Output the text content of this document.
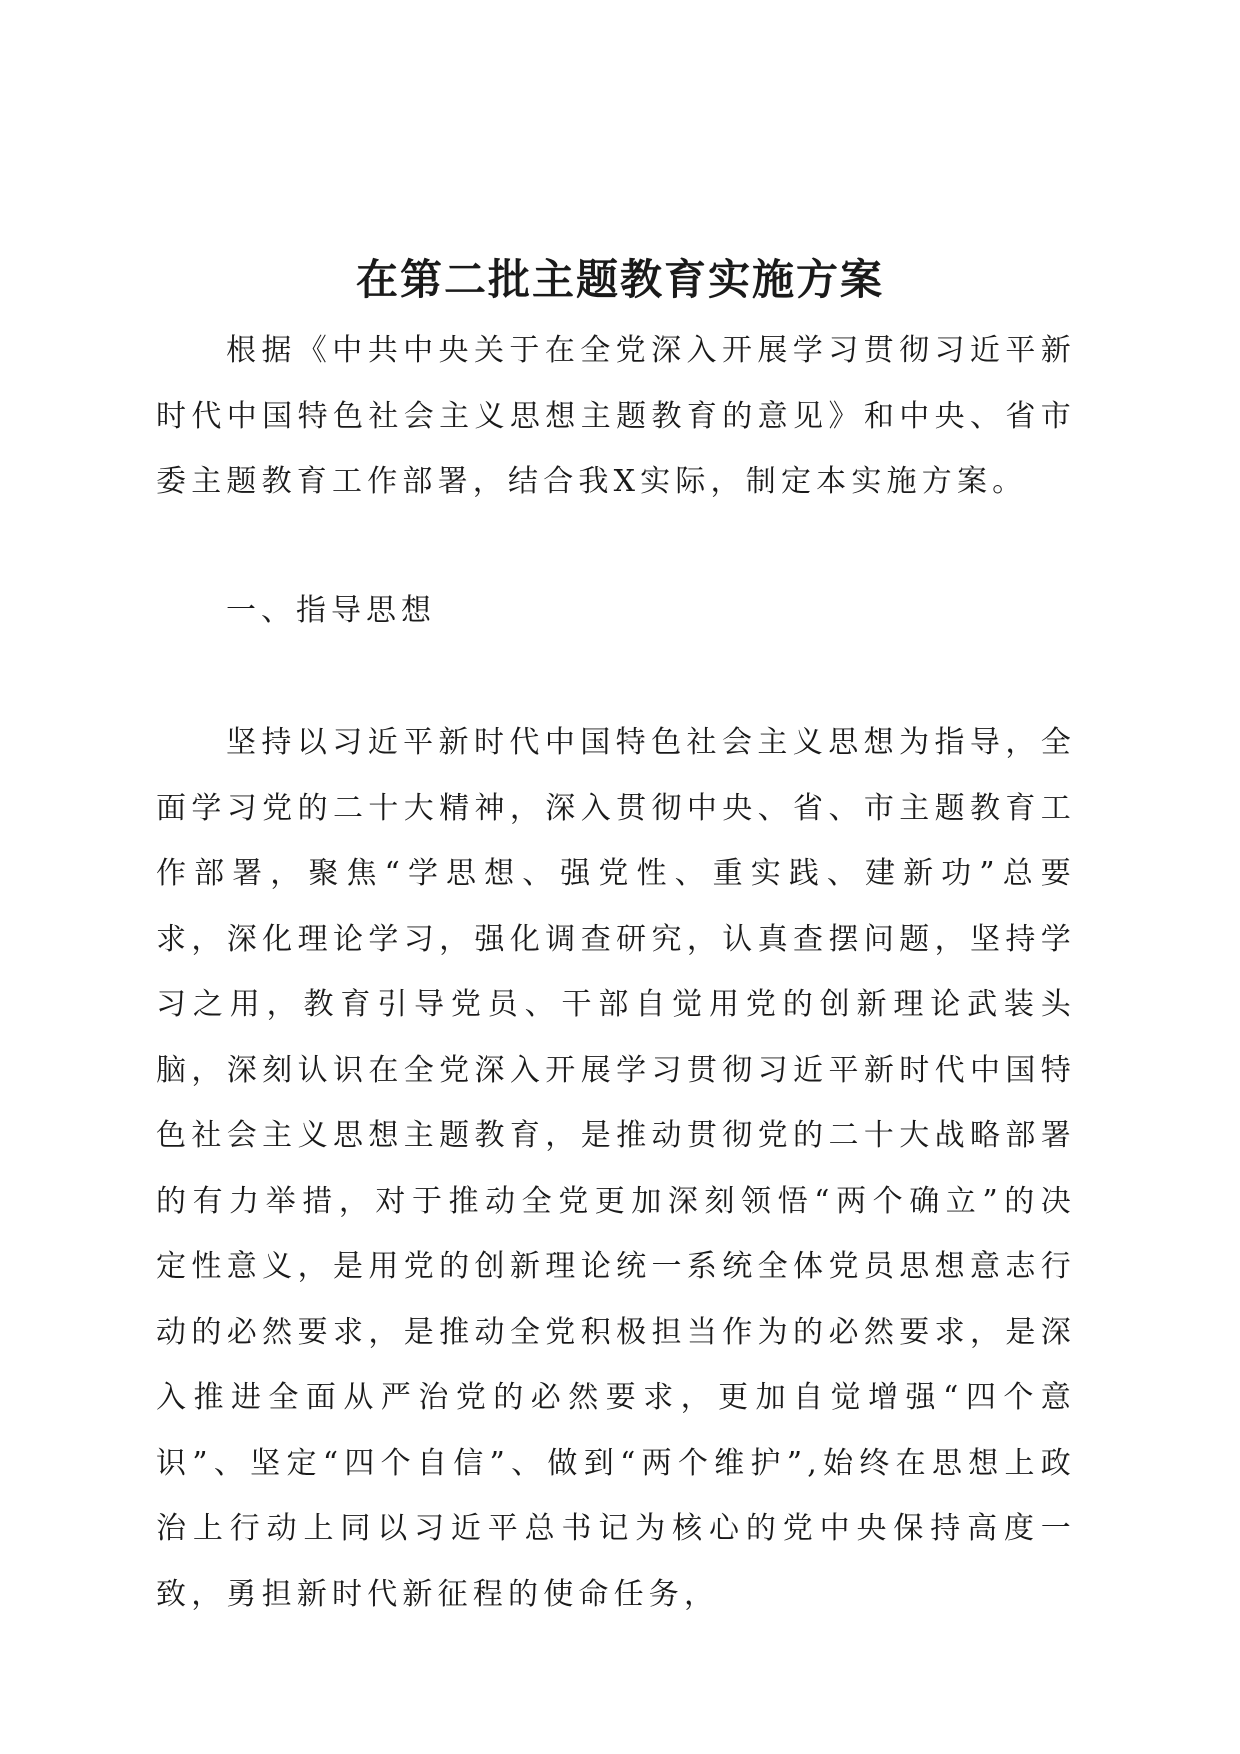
在第二批主题教育实施方案

根据《中共中央关于在全党深入开展学习贯彻习近平新时代中国特色社会主义思想主题教育的意见》和中央、省市委主题教育工作部署，结合我X实际，制定本实施方案。

一、指导思想

坚持以习近平新时代中国特色社会主义思想为指导，全面学习党的二十大精神，深入贯彻中央、省、市主题教育工作部署，聚焦“学思想、强党性、重实践、建新功”总要求，深化理论学习，强化调查研究，认真查摆问题，坚持学习之用，教育引导党员、干部自觉用党的创新理论武装头脑，深刻认识在全党深入开展学习贯彻习近平新时代中国特色社会主义思想主题教育，是推动贯彻党的二十大战略部署的有力举措，对于推动全党更加深刻领悟“两个确立”的决定性意义，是用党的创新理论统一系统全体党员思想意志行动的必然要求，是推动全党积极担当作为的必然要求，是深入推进全面从严治党的必然要求，更加自觉增强“四个意识”、坚定“四个自信”、做到“两个维护”,始终在思想上政治上行动上同以习近平总书记为核心的党中央保持高度一致，勇担新时代新征程的使命任务，
